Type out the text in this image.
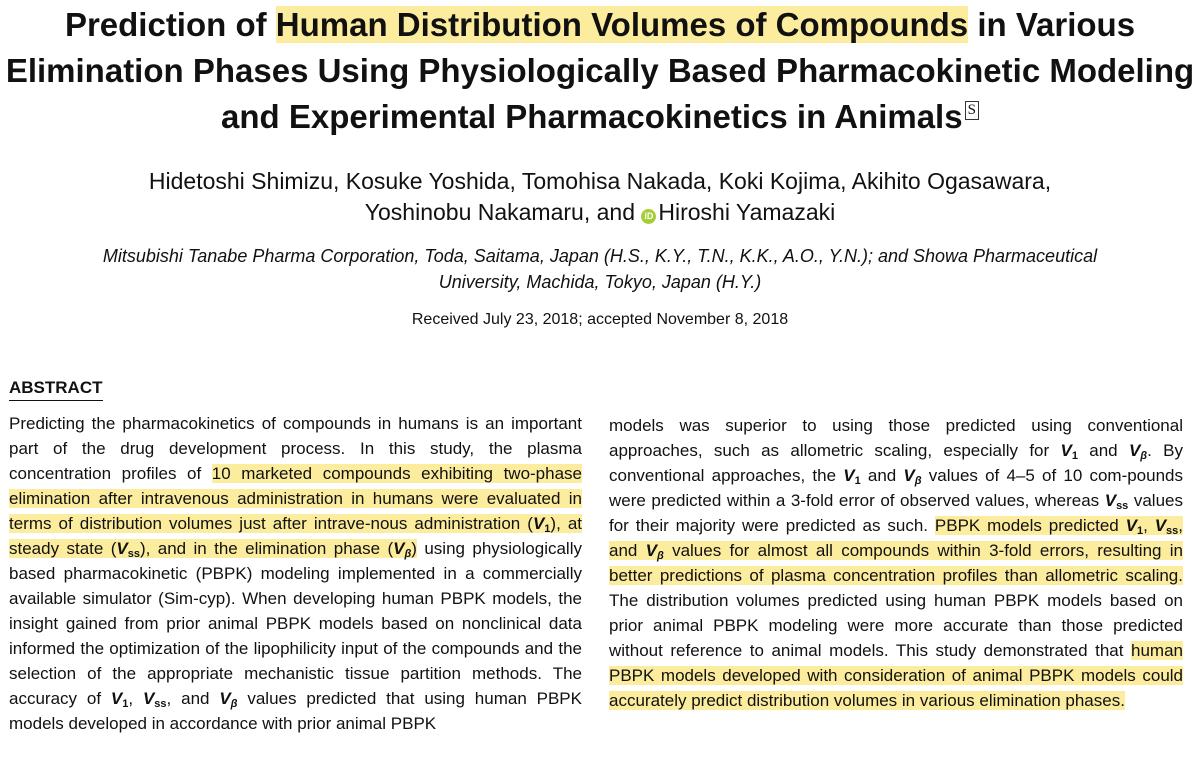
Prediction of Human Distribution Volumes of Compounds in Various Elimination Phases Using Physiologically Based Pharmacokinetic Modeling and Experimental Pharmacokinetics in Animals S
Hidetoshi Shimizu, Kosuke Yoshida, Tomohisa Nakada, Koki Kojima, Akihito Ogasawara,
Yoshinobu Nakamaru, and iD Hiroshi Yamazaki
Mitsubishi Tanabe Pharma Corporation, Toda, Saitama, Japan (H.S., K.Y., T.N., K.K., A.O., Y.N.); and Showa Pharmaceutical
University, Machida, Tokyo, Japan (H.Y.)
Received July 23, 2018; accepted November 8, 2018
ABSTRACT

Predicting the pharmacokinetics of compounds in humans is an important part of the drug development process. In this study, the plasma concentration profiles of 10 marketed compounds exhibiting two-phase elimination after intravenous administration in humans were evaluated in terms of distribution volumes just after intrave-nous administration $(V_1)$, at steady state $(V_{ss})$, and in the elimination phase $(V_\beta)$ using physiologically based pharmacokinetic (PBPK) modeling implemented in a commercially available simulator (Sim-cyp). When developing human PBPK models, the insight gained from prior animal PBPK models based on nonclinical data informed the optimization of the lipophilicity input of the compounds and the selection of the appropriate mechanistic tissue partition methods. The accuracy of $V_1$, $V_{ss}$, and $V_\beta$ values predicted that using human PBPK models developed in accordance with prior animal PBPK

models was superior to using those predicted using conventional approaches, such as allometric scaling, especially for $V_1$ and $V_\beta$. By conventional approaches, the $V_1$ and $V_\beta$ values of 4–5 of 10 com-pounds were predicted within a 3-fold error of observed values, whereas $V_{ss}$ values for their majority were predicted as such. PBPK models predicted $V_1$, $V_{ss}$, and $V_\beta$ values for almost all compounds within 3-fold errors, resulting in better predictions of plasma concentration profiles than allometric scaling. The distribution volumes predicted using human PBPK models based on prior animal PBPK modeling were more accurate than those predicted without reference to animal models. This study demonstrated that human PBPK models developed with consideration of animal PBPK models could accurately predict distribution volumes in various elimination phases.
